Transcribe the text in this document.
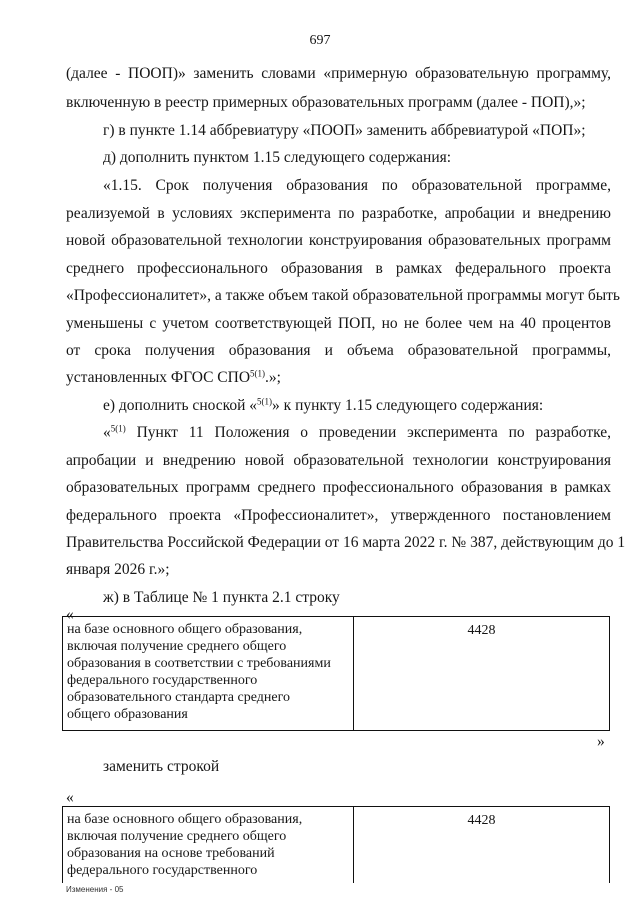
697

(далее - ПООП)» заменить словами «примерную образовательную программу,

включенную в реестр примерных образовательных программ (далее - ПОП),»;

г) в пункте 1.14 аббревиатуру «ПООП» заменить аббревиатурой «ПОП»;

д) дополнить пунктом 1.15 следующего содержания:

«1.15. Срок получения образования по образовательной программе,

реализуемой в условиях эксперимента по разработке, апробации и внедрению

новой образовательной технологии конструирования образовательных программ

среднего профессионального образования в рамках федерального проекта

«Профессионалитет», а также объем такой образовательной программы могут быть

уменьшены с учетом соответствующей ПОП, но не более чем на 40 процентов

от срока получения образования и объема образовательной программы,

установленных ФГОС $СПО^{5(1)}$.»;

е) дополнить сноской «$^{5(1)}$» к пункту 1.15 следующего содержания:

«$^{5(1)}$ Пункт 11 Положения о проведении эксперимента по разработке,

апробации и внедрению новой образовательной технологии конструирования

образовательных программ среднего профессионального образования в рамках

федерального проекта «Профессионалитет», утвержденного постановлением

Правительства Российской Федерации от 16 марта 2022 г. № 387, действующим до 1

января 2026 г.»;

ж) в Таблице № 1 пункта 2.1 строку

«

на базе основного общего образования,

включая получение среднего общего

образования в соответствии с требованиями

федерального государственного

образовательного стандарта среднего

общего образования

4428

»

заменить строкой

«

на базе основного общего образования,

включая получение среднего общего

образования на основе требований

федерального государственного

4428
Изменения - 05
